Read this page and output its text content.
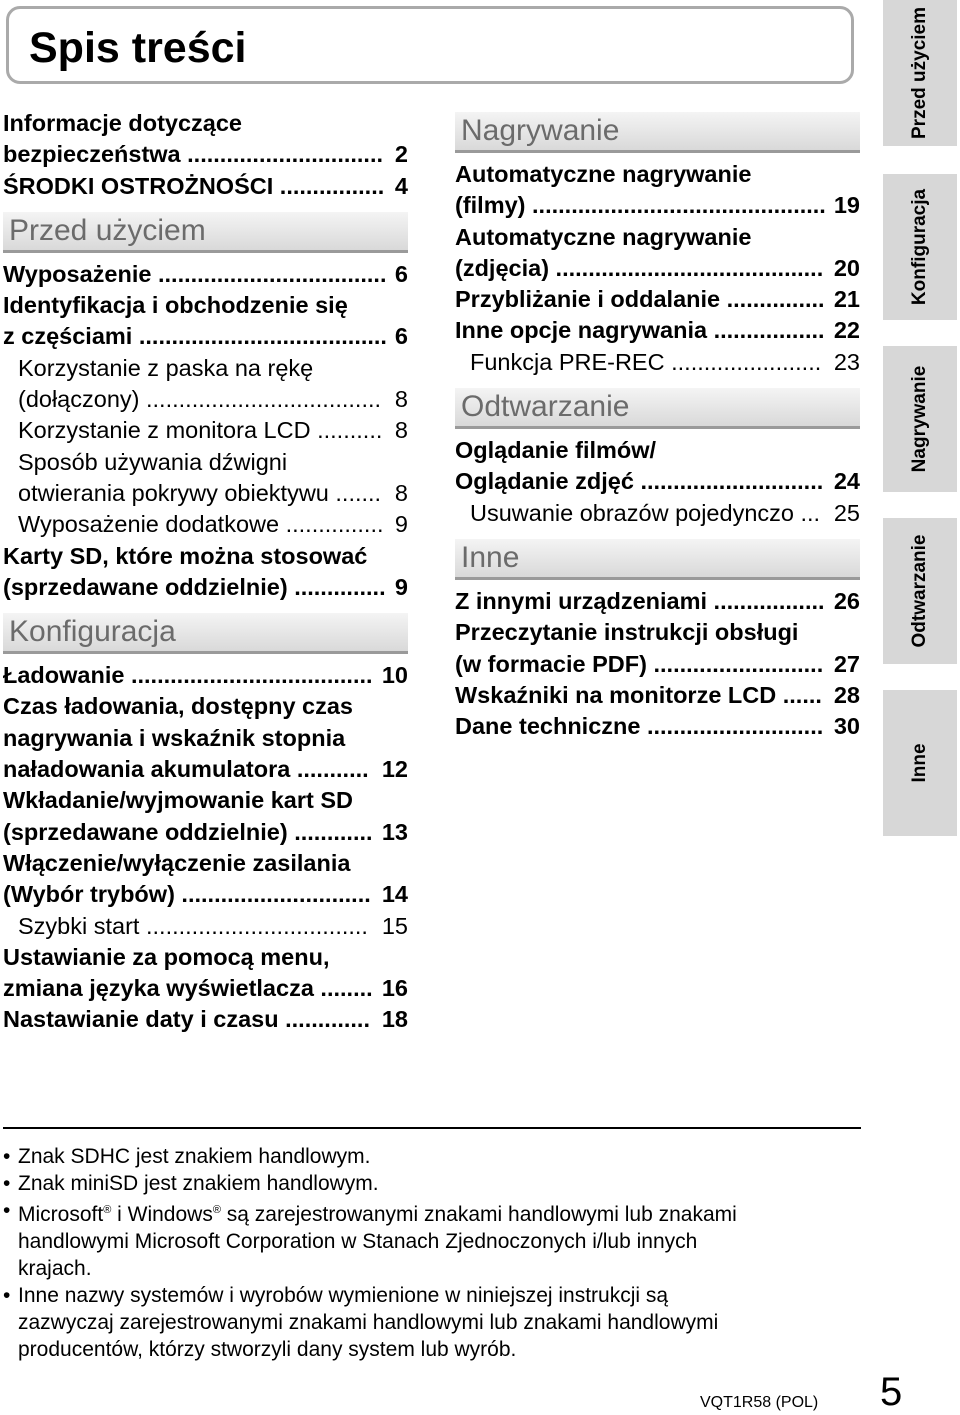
Spis treści
Informacje dotyczące
bezpieczeństwa .............................. 2
ŚRODKI OSTROŻNOŚCI ................ 4
Przed użyciem
Wyposażenie ................................... 6
Identyfikacja i obchodzenie się
z częściami ...................................... 6
Korzystanie z paska na rękę
(dołączony) .................................... 8
Korzystanie z monitora LCD .......... 8
Sposób używania dźwigni
otwierania pokrywy obiektywu ....... 8
Wyposażenie dodatkowe ............... 9
Karty SD, które można stosować
(sprzedawane oddzielnie) .............. 9
Konfiguracja
Ładowanie ..................................... 10
Czas ładowania, dostępny czas
nagrywania i wskaźnik stopnia
naładowania akumulatora ........... 12
Wkładanie/wyjmowanie kart SD
(sprzedawane oddzielnie) ............ 13
Włączenie/wyłączenie zasilania
(Wybór trybów) ............................. 14
Szybki start .................................. 15
Ustawianie za pomocą menu,
zmiana języka wyświetlacza ........ 16
Nastawianie daty i czasu ............. 18
Nagrywanie
Automatyczne nagrywanie
(filmy) ............................................. 19
Automatyczne nagrywanie
(zdjęcia) ......................................... 20
Przybliżanie i oddalanie ............... 21
Inne opcje nagrywania ................. 22
Funkcja PRE-REC ....................... 23
Odtwarzanie
Oglądanie filmów/
Oglądanie zdjęć ............................ 24
Usuwanie obrazów pojedynczo ... 25
Inne
Z innymi urządzeniami ................. 26
Przeczytanie instrukcji obsługi
(w formacie PDF) .......................... 27
Wskaźniki na monitorze LCD ...... 28
Dane techniczne ........................... 30
Przed użyciem
Konfiguracja
Nagrywanie
Odtwarzanie
Inne
• Znak SDHC jest znakiem handlowym.
• Znak miniSD jest znakiem handlowym.
• Microsoft® i Windows® są zarejestrowanymi znakami handlowymi lub znakami
handlowymi Microsoft Corporation w Stanach Zjednoczonych i/lub innych
krajach.
• Inne nazwy systemów i wyrobów wymienione w niniejszej instrukcji są
zazwyczaj zarejestrowanymi znakami handlowymi lub znakami handlowymi
producentów, którzy stworzyli dany system lub wyrób.
VQT1R58 (POL) 5
